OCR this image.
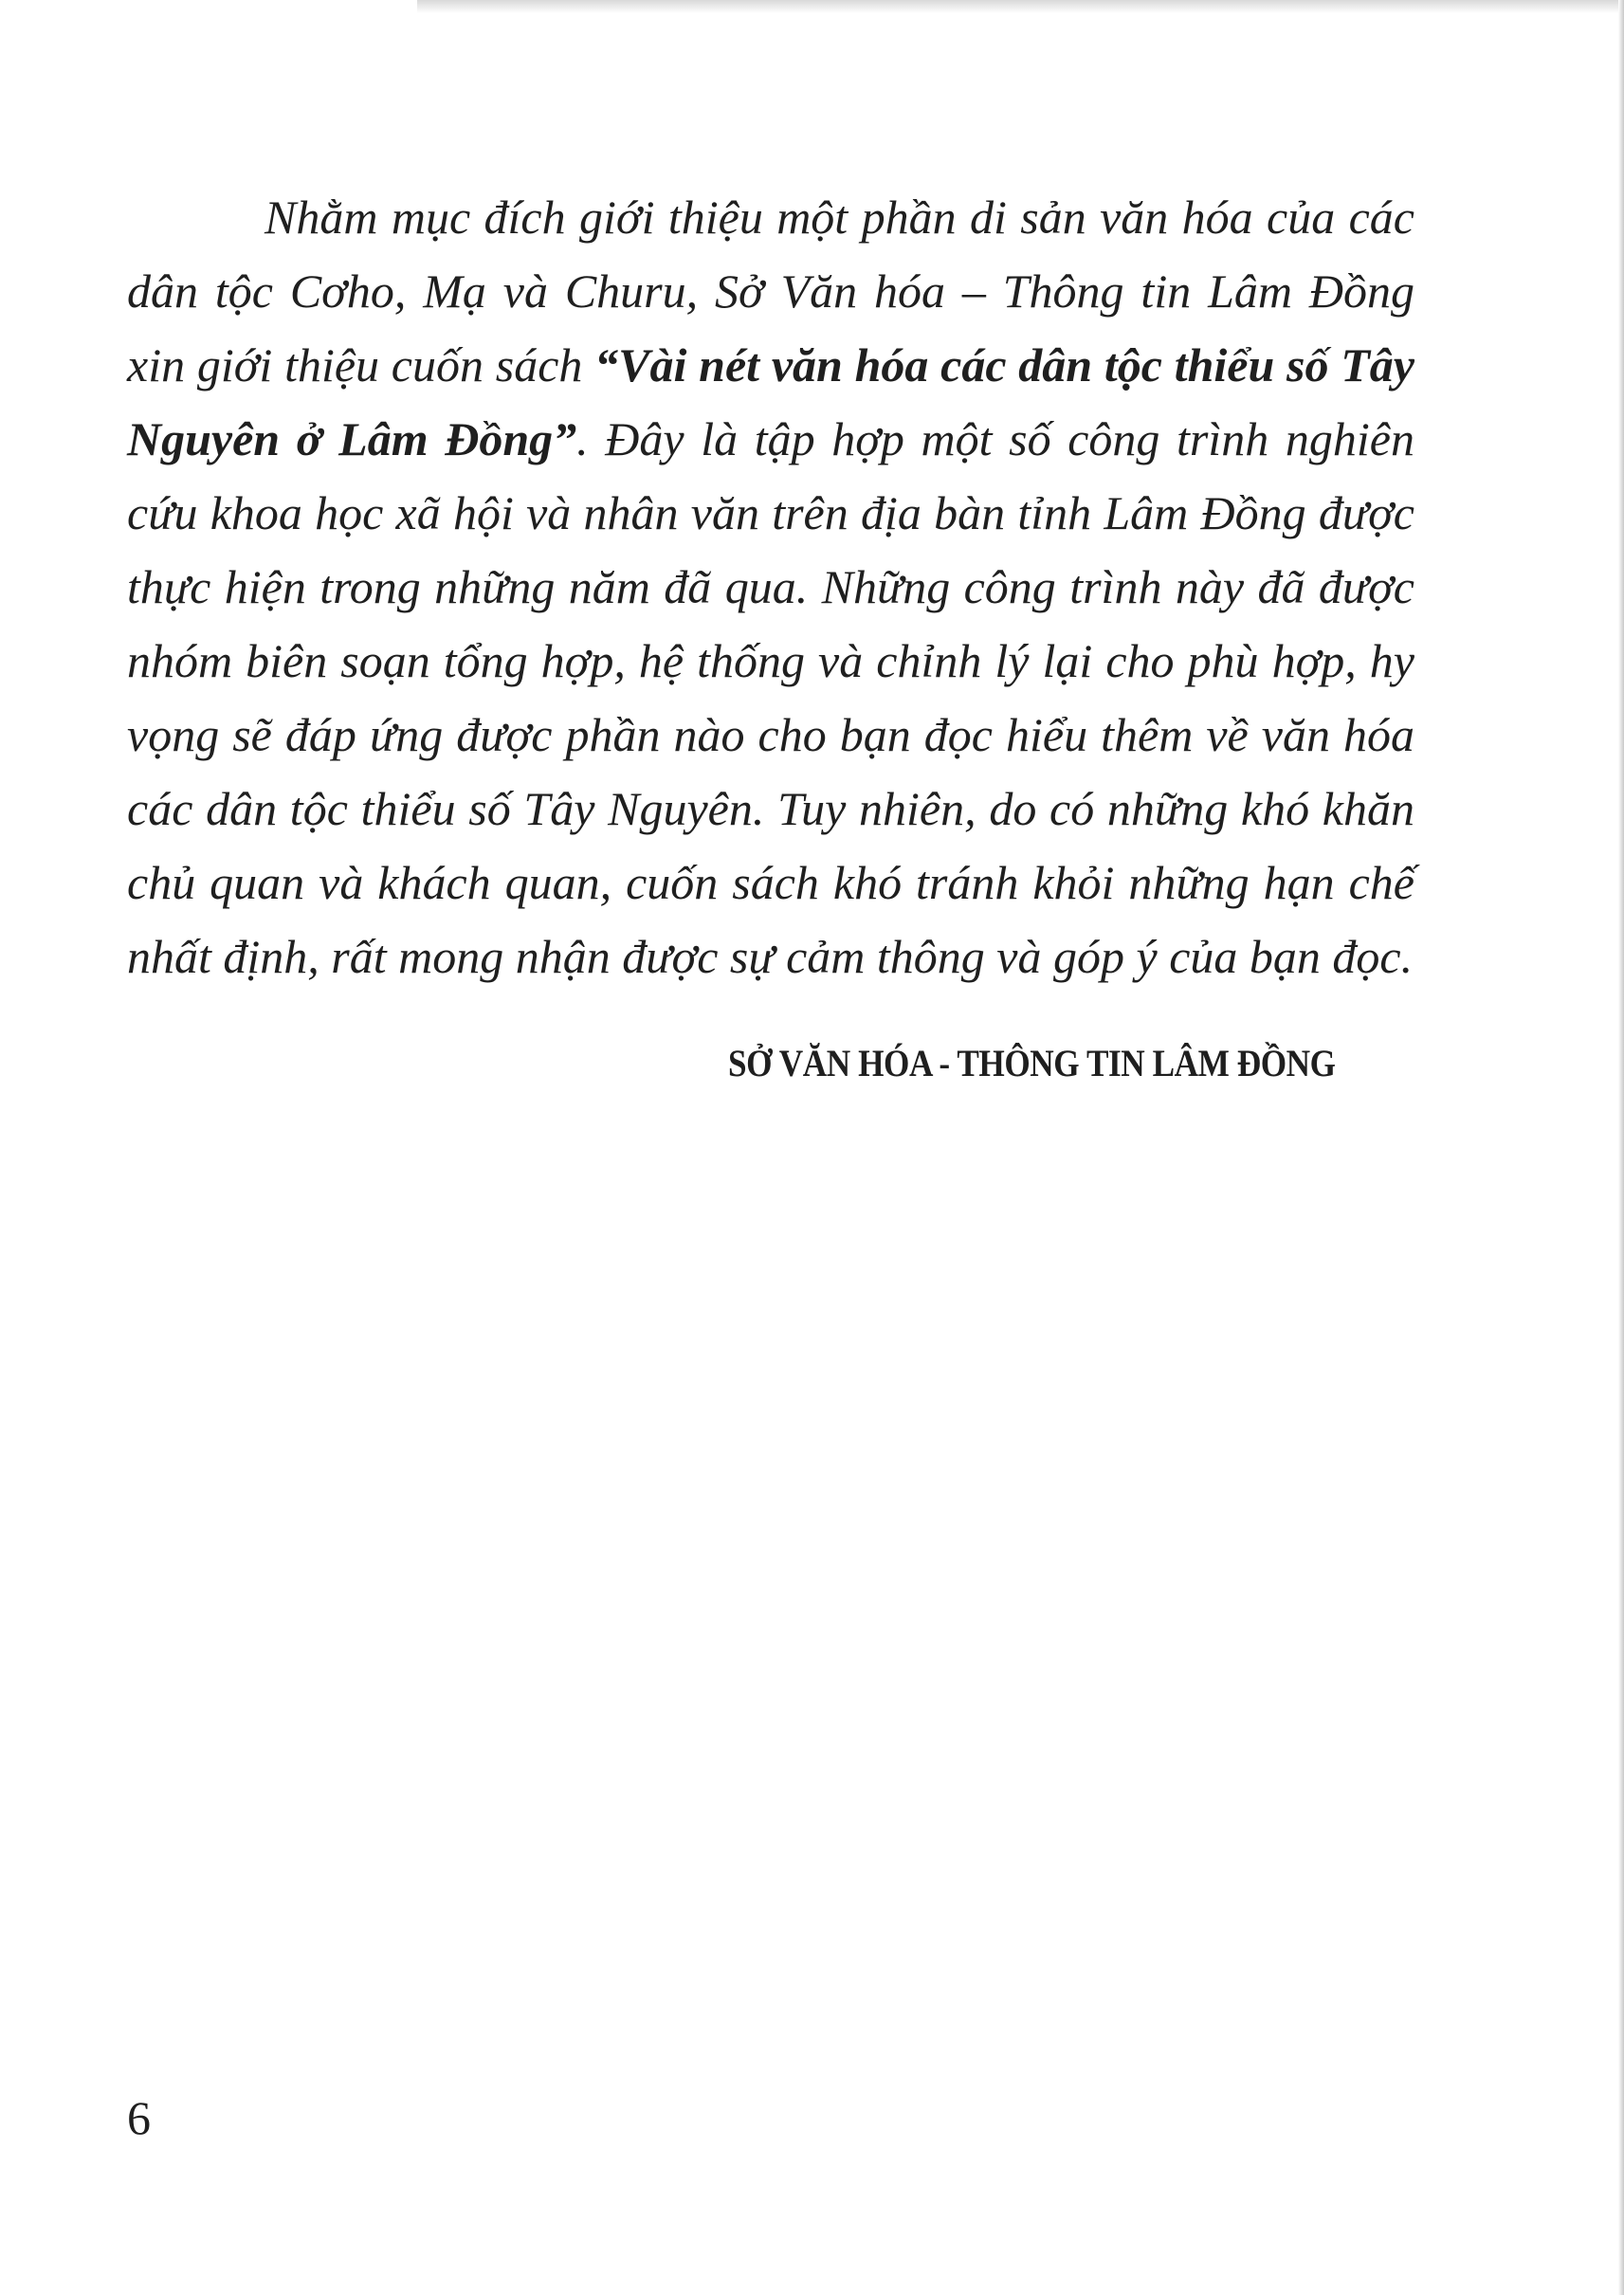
Nhằm mục đích giới thiệu một phần di sản văn hóa của các dân tộc Cơho, Mạ và Churu, Sở Văn hóa – Thông tin Lâm Đồng xin giới thiệu cuốn sách “Vài nét văn hóa các dân tộc thiểu số Tây Nguyên ở Lâm Đồng”. Đây là tập hợp một số công trình nghiên cứu khoa học xã hội và nhân văn trên địa bàn tỉnh Lâm Đồng được thực hiện trong những năm đã qua. Những công trình này đã được nhóm biên soạn tổng hợp, hệ thống và chỉnh lý lại cho phù hợp, hy vọng sẽ đáp ứng được phần nào cho bạn đọc hiểu thêm về văn hóa các dân tộc thiểu số Tây Nguyên. Tuy nhiên, do có những khó khăn chủ quan và khách quan, cuốn sách khó tránh khỏi những hạn chế nhất định, rất mong nhận được sự cảm thông và góp ý của bạn đọc.

SỞ VĂN HÓA - THÔNG TIN LÂM ĐỒNG

6
